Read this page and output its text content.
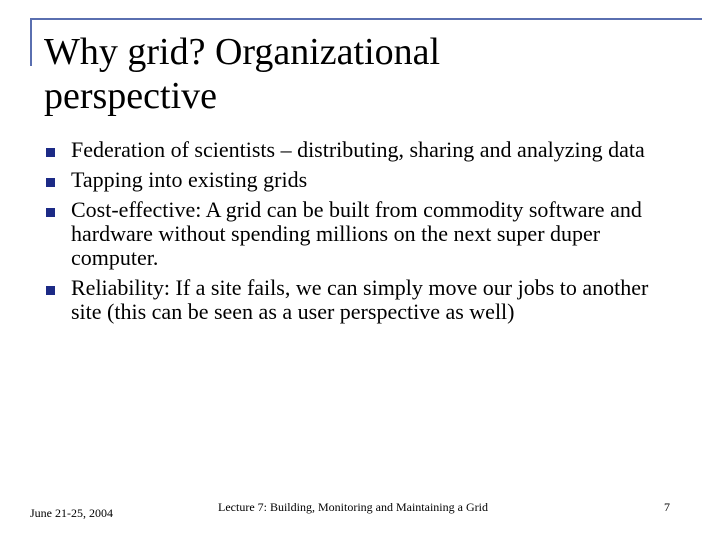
Why grid? Organizational
perspective
Federation of scientists – distributing, sharing and analyzing data
Tapping into existing grids
Cost-effective: A grid can be built from commodity software and hardware without spending millions on the next super duper computer.
Reliability: If a site fails, we can simply move our jobs to another site (this can be seen as a user perspective as well)
June 21-25, 2004	Lecture 7: Building, Monitoring and Maintaining a Grid	7
